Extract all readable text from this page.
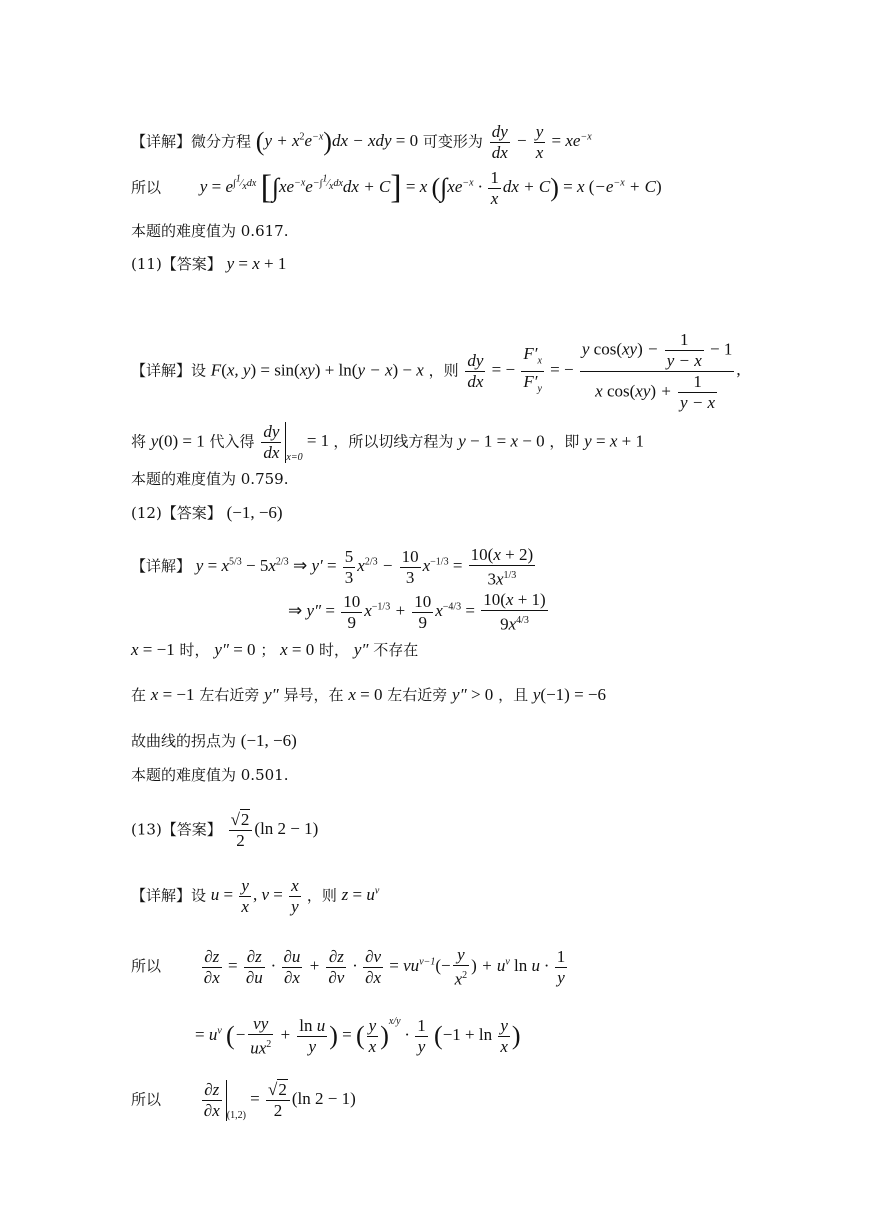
【详解】微分方程 $(y + x^2e^{-x})dx$ − xdy = 0 可变形为 $\frac{dy}{dx} - \frac{y}{x} = xe^{-x}$
所以 $y = e^{\int^1⁄_xdx}$ $[\int xe^{-x}e^{-\int^1⁄_xdx}dx + C] = x$ ($\int xe^{-x} \cdot \frac{1}{x}$ dx + C) = x $(-e^{-x} + C)$
本题的难度值为 0.617.
(11)【答案】 y = x + 1
【详解】设 F(x, y) = sin(xy) + ln(y − x) − x ，则 $\frac{dy}{dx}$ = − $\frac{F'_x}{F'_y}$ = − $\frac{y \cos(xy) - \frac{1}{y - x} - 1}{x \cos(xy) + \frac{1}{y - x}}$ ,
将 y(0) = 1 代入得 $\frac{dy}{dx} _{x=0} = 1$ ，所以切线方程为 y − 1 = x − 0 ，即 y = x + 1
本题的难度值为 0.759.
(12)【答案】 (−1, −6)
【详解】 $y = x^{5/3} - 5x^{2/3}$ ⇒ $y' = \frac{5}{3} x^{2/3} - \frac{10}{3} x^{-1/3} = \frac{10(x + 2)}{3x^{1/3}}$
⇒ $y'' = \frac{10}{9} x^{-1/3} + \frac{10}{9} x^{-4/3} = \frac{10(x + 1)}{9x^{4/3}}$
x = −1 时， y″ = 0 ； x = 0 时， y″ 不存在
在 x = −1 左右近旁 y″ 异号，在 x = 0 左右近旁 y″ > 0 ，且 y(−1) = −6
故曲线的拐点为 (−1, −6)
本题的难度值为 0.501.
(13)【答案】 $\frac{√2}{2} (\ln$ 2 − 1)
【详解】设 $u = \frac{y}{x}$ , $v = \frac{x}{y}$ ，则 $z = u^v$
所以 $\frac{\partial z}{\partial x} = \frac{\partial z}{\partial u} \cdot \frac{\partial u}{\partial x} + \frac{\partial z}{\partial v} \cdot \frac{\partial v}{\partial x} = vu^{v-1}(- \frac{y}{x^2}$ ) + $u^v$ $\ln u \cdot \frac{1}{y}$
= $u^v$ (− $\frac{vy}{ux^2} + \frac{\text{ln u}}{y}$ ) = ( $\frac{y}{x} )^{x/y} \cdot \frac{1}{y} (-1 + \ln \frac{y}{x}$ )
所以 $\frac{\partial z}{\partial x} _{(1,2)} = \frac{√2}{2} (\ln$ 2 − 1)
